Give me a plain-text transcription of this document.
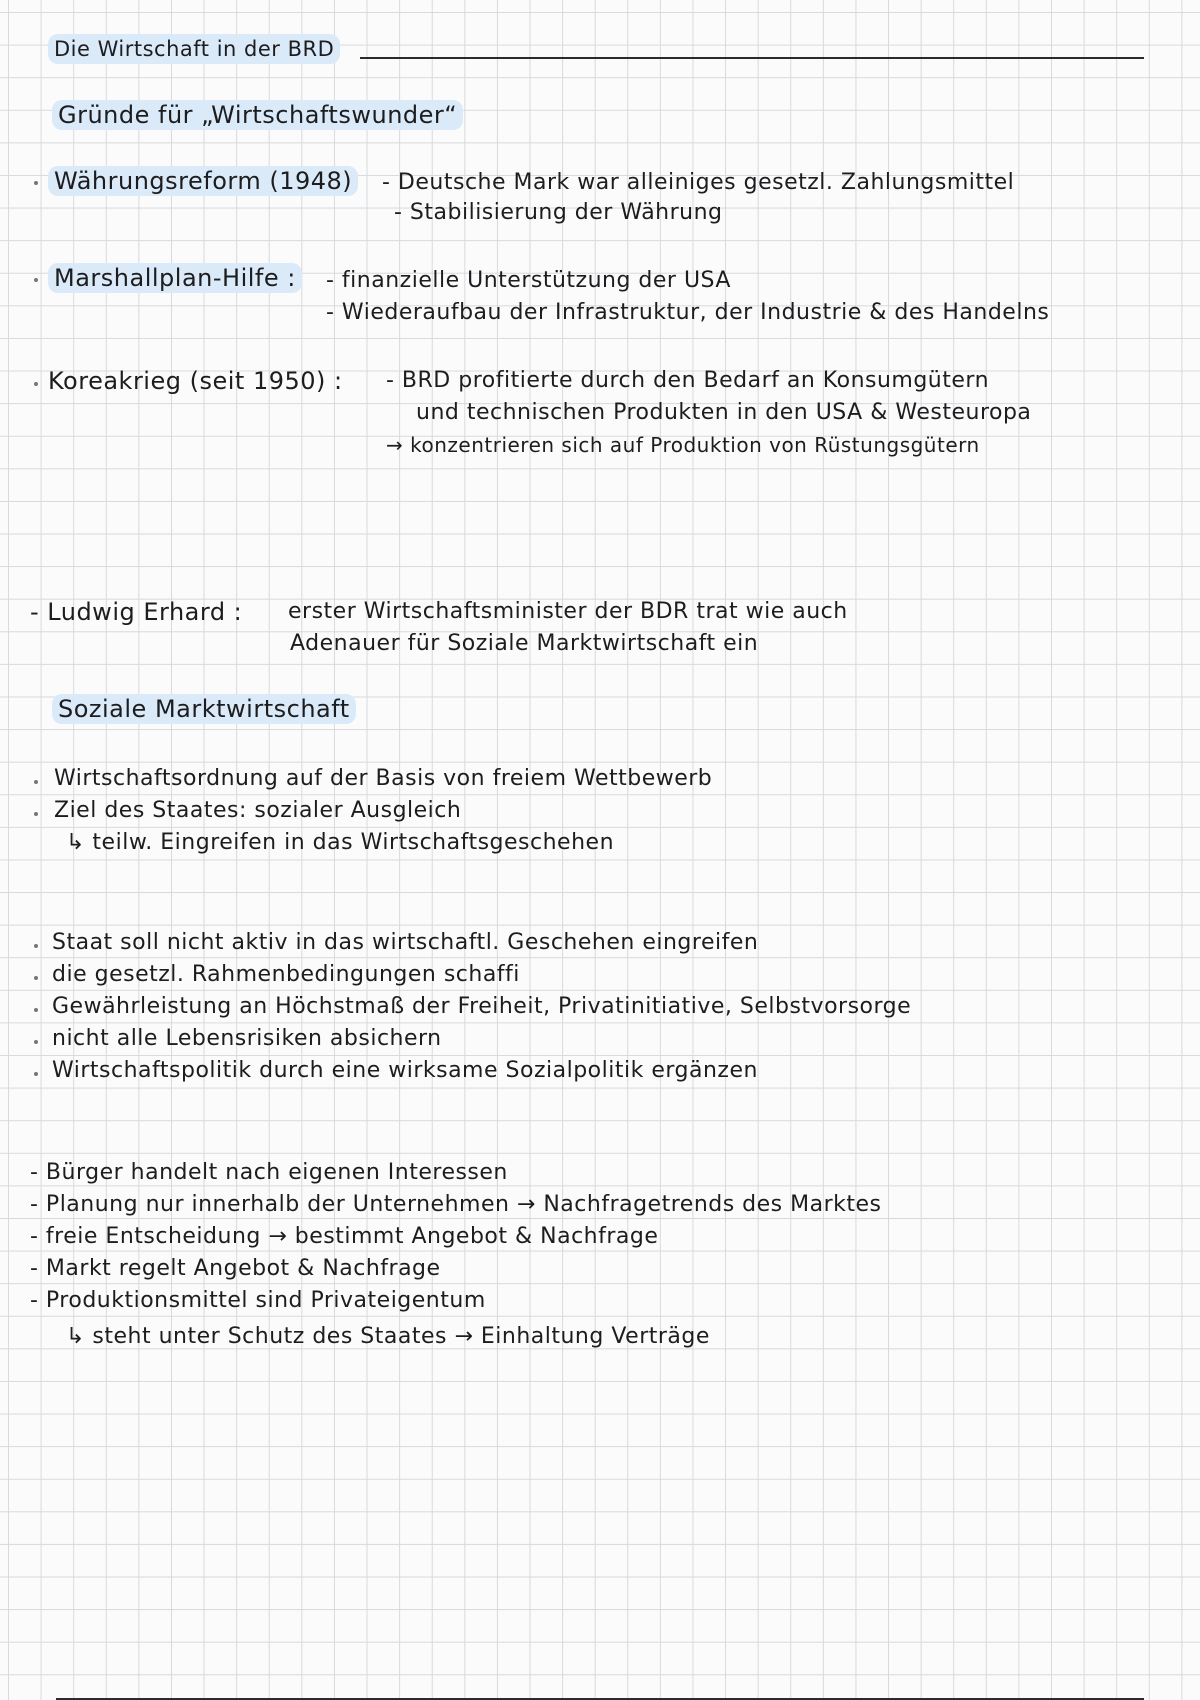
Die Wirtschaft in der BRD
Gründe für „Wirtschaftswunder“
Währungsreform (1948) - Deutsche Mark war alleiniges gesetzl. Zahlungsmittel
- Stabilisierung der Währung
Marshallplan-Hilfe : - finanzielle Unterstützung der USA
- Wiederaufbau der Infrastruktur, der Industrie & des Handelns
Koreakrieg (seit 1950) : - BRD profitierte durch den Bedarf an Konsumgütern
und technischen Produkten in den USA & Westeuropa
→ konzentrieren sich auf Produktion von Rüstungsgütern
- Ludwig Erhard : erster Wirtschaftsminister der BDR trat wie auch
Adenauer für Soziale Marktwirtschaft ein
Soziale Marktwirtschaft
Wirtschaftsordnung auf der Basis von freiem Wettbewerb
Ziel des Staates: sozialer Ausgleich
↳ teilw. Eingreifen in das Wirtschaftsgeschehen
Staat soll nicht aktiv in das wirtschaftl. Geschehen eingreifen
die gesetzl. Rahmenbedingungen schaffi
Gewährleistung an Höchstmaß der Freiheit, Privatinitiative, Selbstvorsorge
nicht alle Lebensrisiken absichern
Wirtschaftspolitik durch eine wirksame Sozialpolitik ergänzen
- Bürger handelt nach eigenen Interessen
- Planung nur innerhalb der Unternehmen → Nachfragetrends des Marktes
- freie Entscheidung → bestimmt Angebot & Nachfrage
- Markt regelt Angebot & Nachfrage
- Produktionsmittel sind Privateigentum
↳ steht unter Schutz des Staates → Einhaltung Verträge
